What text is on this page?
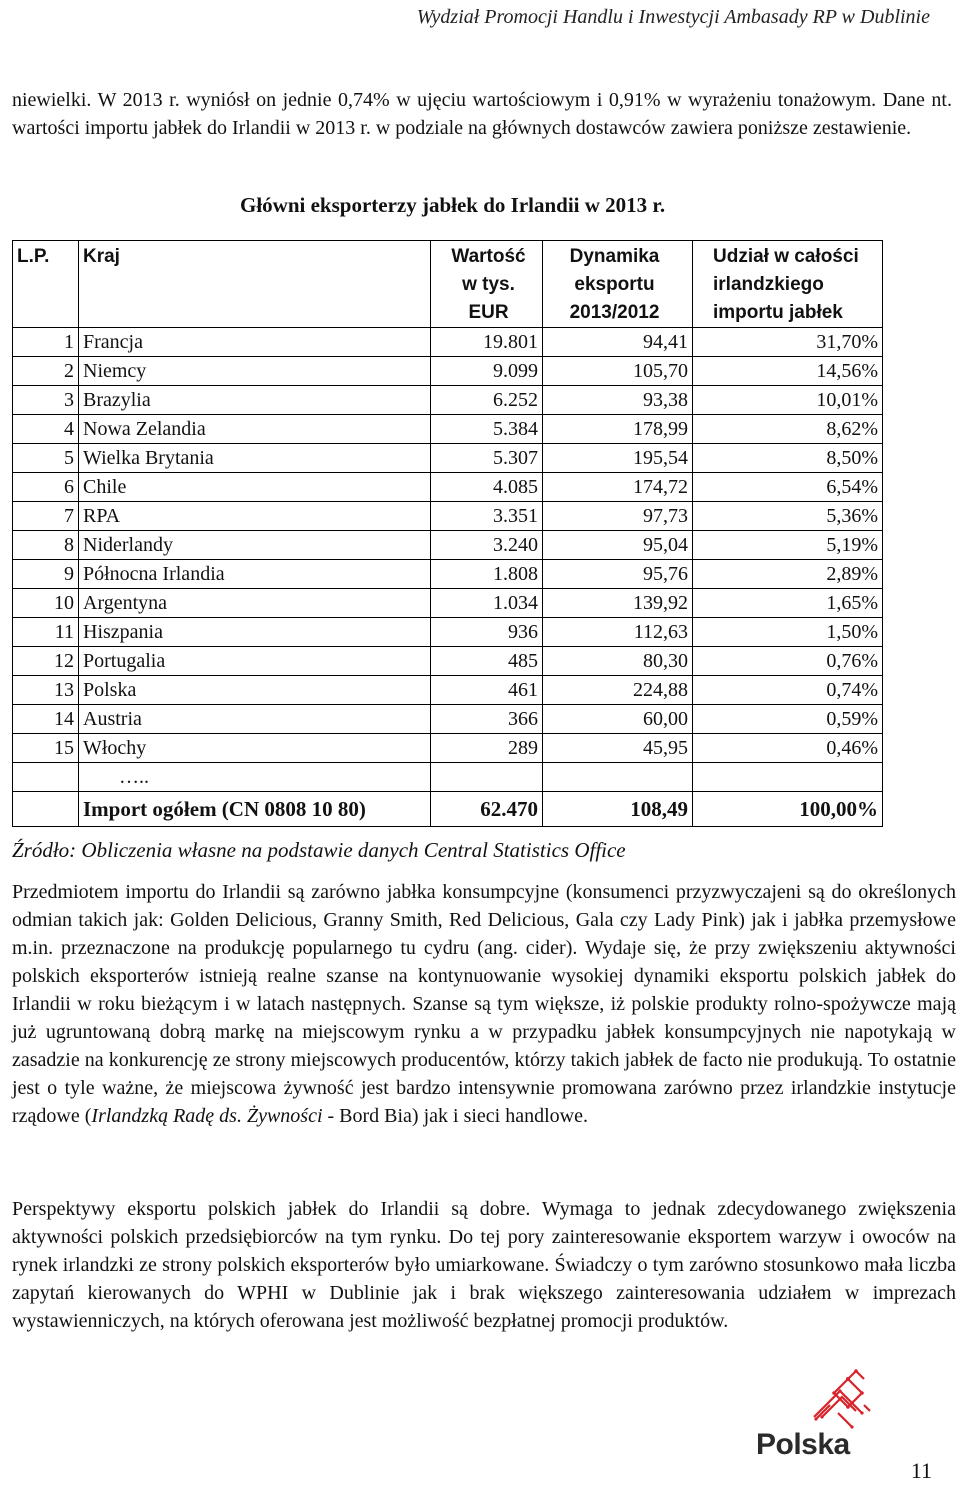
Wydział Promocji Handlu i Inwestycji Ambasady RP w Dublinie
niewielki. W 2013 r. wyniósł on jednie 0,74% w ujęciu wartościowym i 0,91% w wyrażeniu tonażowym. Dane nt. wartości importu jabłek do Irlandii w 2013 r. w podziale na głównych dostawców zawiera poniższe zestawienie.
Główni eksporterzy jabłek do Irlandii w 2013 r.
L.P.	Kraj	Wartość w tys. EUR	Dynamika eksportu 2013/2012	Udział w całości irlandzkiego importu jabłek
1	Francja	19.801	94,41	31,70%
2	Niemcy	9.099	105,70	14,56%
3	Brazylia	6.252	93,38	10,01%
4	Nowa Zelandia	5.384	178,99	8,62%
5	Wielka Brytania	5.307	195,54	8,50%
6	Chile	4.085	174,72	6,54%
7	RPA	3.351	97,73	5,36%
8	Niderlandy	3.240	95,04	5,19%
9	Północna Irlandia	1.808	95,76	2,89%
10	Argentyna	1.034	139,92	1,65%
11	Hiszpania	936	112,63	1,50%
12	Portugalia	485	80,30	0,76%
13	Polska	461	224,88	0,74%
14	Austria	366	60,00	0,59%
15	Włochy	289	45,95	0,46%
	…..			
	Import ogółem (CN 0808 10 80)	62.470	108,49	100,00%
Źródło: Obliczenia własne na podstawie danych Central Statistics Office
Przedmiotem importu do Irlandii są zarówno jabłka konsumpcyjne (konsumenci przyzwyczajeni są do określonych odmian takich jak: Golden Delicious, Granny Smith, Red Delicious, Gala czy Lady Pink) jak i jabłka przemysłowe m.in. przeznaczone na produkcję popularnego tu cydru (ang. cider). Wydaje się, że przy zwiększeniu aktywności polskich eksporterów istnieją realne szanse na kontynuowanie wysokiej dynamiki eksportu polskich jabłek do Irlandii w roku bieżącym i w latach następnych. Szanse są tym większe, iż polskie produkty rolno-spożywcze mają już ugruntowaną dobrą markę na miejscowym rynku a w przypadku jabłek konsumpcyjnych nie napotykają w zasadzie na konkurencję ze strony miejscowych producentów, którzy takich jabłek de facto nie produkują. To ostatnie jest o tyle ważne, że miejscowa żywność jest bardzo intensywnie promowana zarówno przez irlandzkie instytucje rządowe (Irlandzką Radę ds. Żywności - Bord Bia) jak i sieci handlowe.
Perspektywy eksportu polskich jabłek do Irlandii są dobre. Wymaga to jednak zdecydowanego zwiększenia aktywności polskich przedsiębiorców na tym rynku. Do tej pory zainteresowanie eksportem warzyw i owoców na rynek irlandzki ze strony polskich eksporterów było umiarkowane. Świadczy o tym zarówno stosunkowo mała liczba zapytań kierowanych do WPHI w Dublinie jak i brak większego zainteresowania udziałem w imprezach wystawienniczych, na których oferowana jest możliwość bezpłatnej promocji produktów.
Polska
11
